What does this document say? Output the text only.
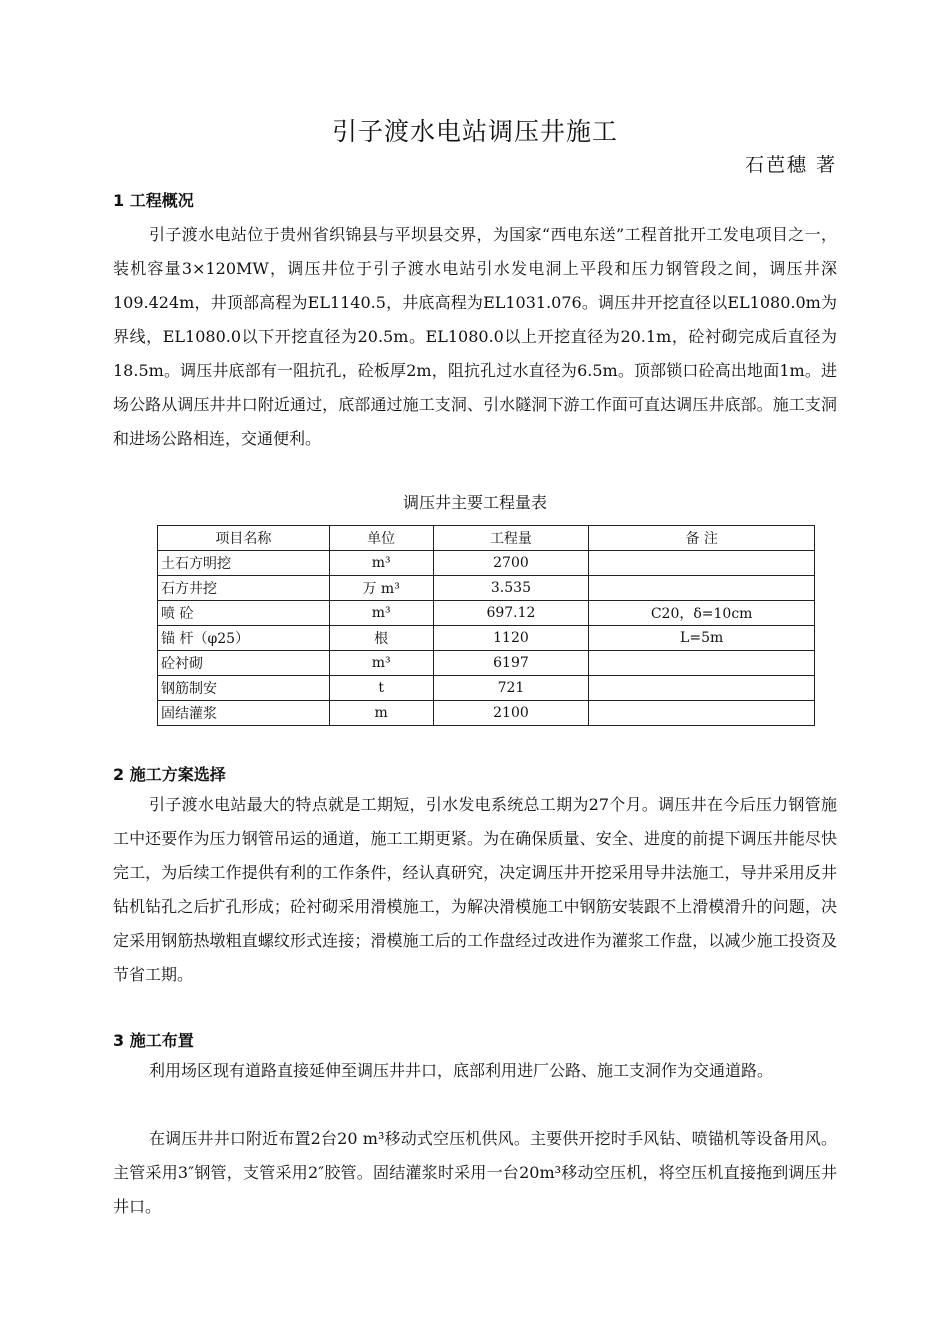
引子渡水电站调压井施工
石芭穗 著
1 工程概况

引子渡水电站位于贵州省织锦县与平坝县交界，为国家“西电东送”工程首批开工发电项目之一，装机容量3×120MW，调压井位于引子渡水电站引水发电洞上平段和压力钢管段之间，调压井深109.424m，井顶部高程为EL1140.5，井底高程为EL1031.076。调压井开挖直径以EL1080.0m为界线，EL1080.0以下开挖直径为20.5m。EL1080.0以上开挖直径为20.1m，砼衬砌完成后直径为18.5m。调压井底部有一阻抗孔，砼板厚2m，阻抗孔过水直径为6.5m。顶部锁口砼高出地面1m。进场公路从调压井井口附近通过，底部通过施工支洞、引水隧洞下游工作面可直达调压井底部。施工支洞和进场公路相连，交通便利。

调压井主要工程量表
项目名称	单位	工程量	备 注
土石方明挖	m³	2700	
石方井挖	万 m³	3.535	
喷 砼	m³	697.12	C20，δ=10cm
锚 杆（φ25）	根	1120	L=5m
砼衬砌	m³	6197	
钢筋制安	t	721	
固结灌浆	m	2100	
2 施工方案选择

引子渡水电站最大的特点就是工期短，引水发电系统总工期为27个月。调压井在今后压力钢管施工中还要作为压力钢管吊运的通道，施工工期更紧。为在确保质量、安全、进度的前提下调压井能尽快完工，为后续工作提供有利的工作条件，经认真研究，决定调压井开挖采用导井法施工，导井采用反井钻机钻孔之后扩孔形成；砼衬砌采用滑模施工，为解决滑模施工中钢筋安装跟不上滑模滑升的问题，决定采用钢筋热墩粗直螺纹形式连接；滑模施工后的工作盘经过改进作为灌浆工作盘，以减少施工投资及节省工期。

3 施工布置

利用场区现有道路直接延伸至调压井井口，底部利用进厂公路、施工支洞作为交通道路。

在调压井井口附近布置2台20 m³移动式空压机供风。主要供开挖时手风钻、喷锚机等设备用风。主管采用3″钢管，支管采用2″胶管。固结灌浆时采用一台20m³移动空压机，将空压机直接拖到调压井井口。
